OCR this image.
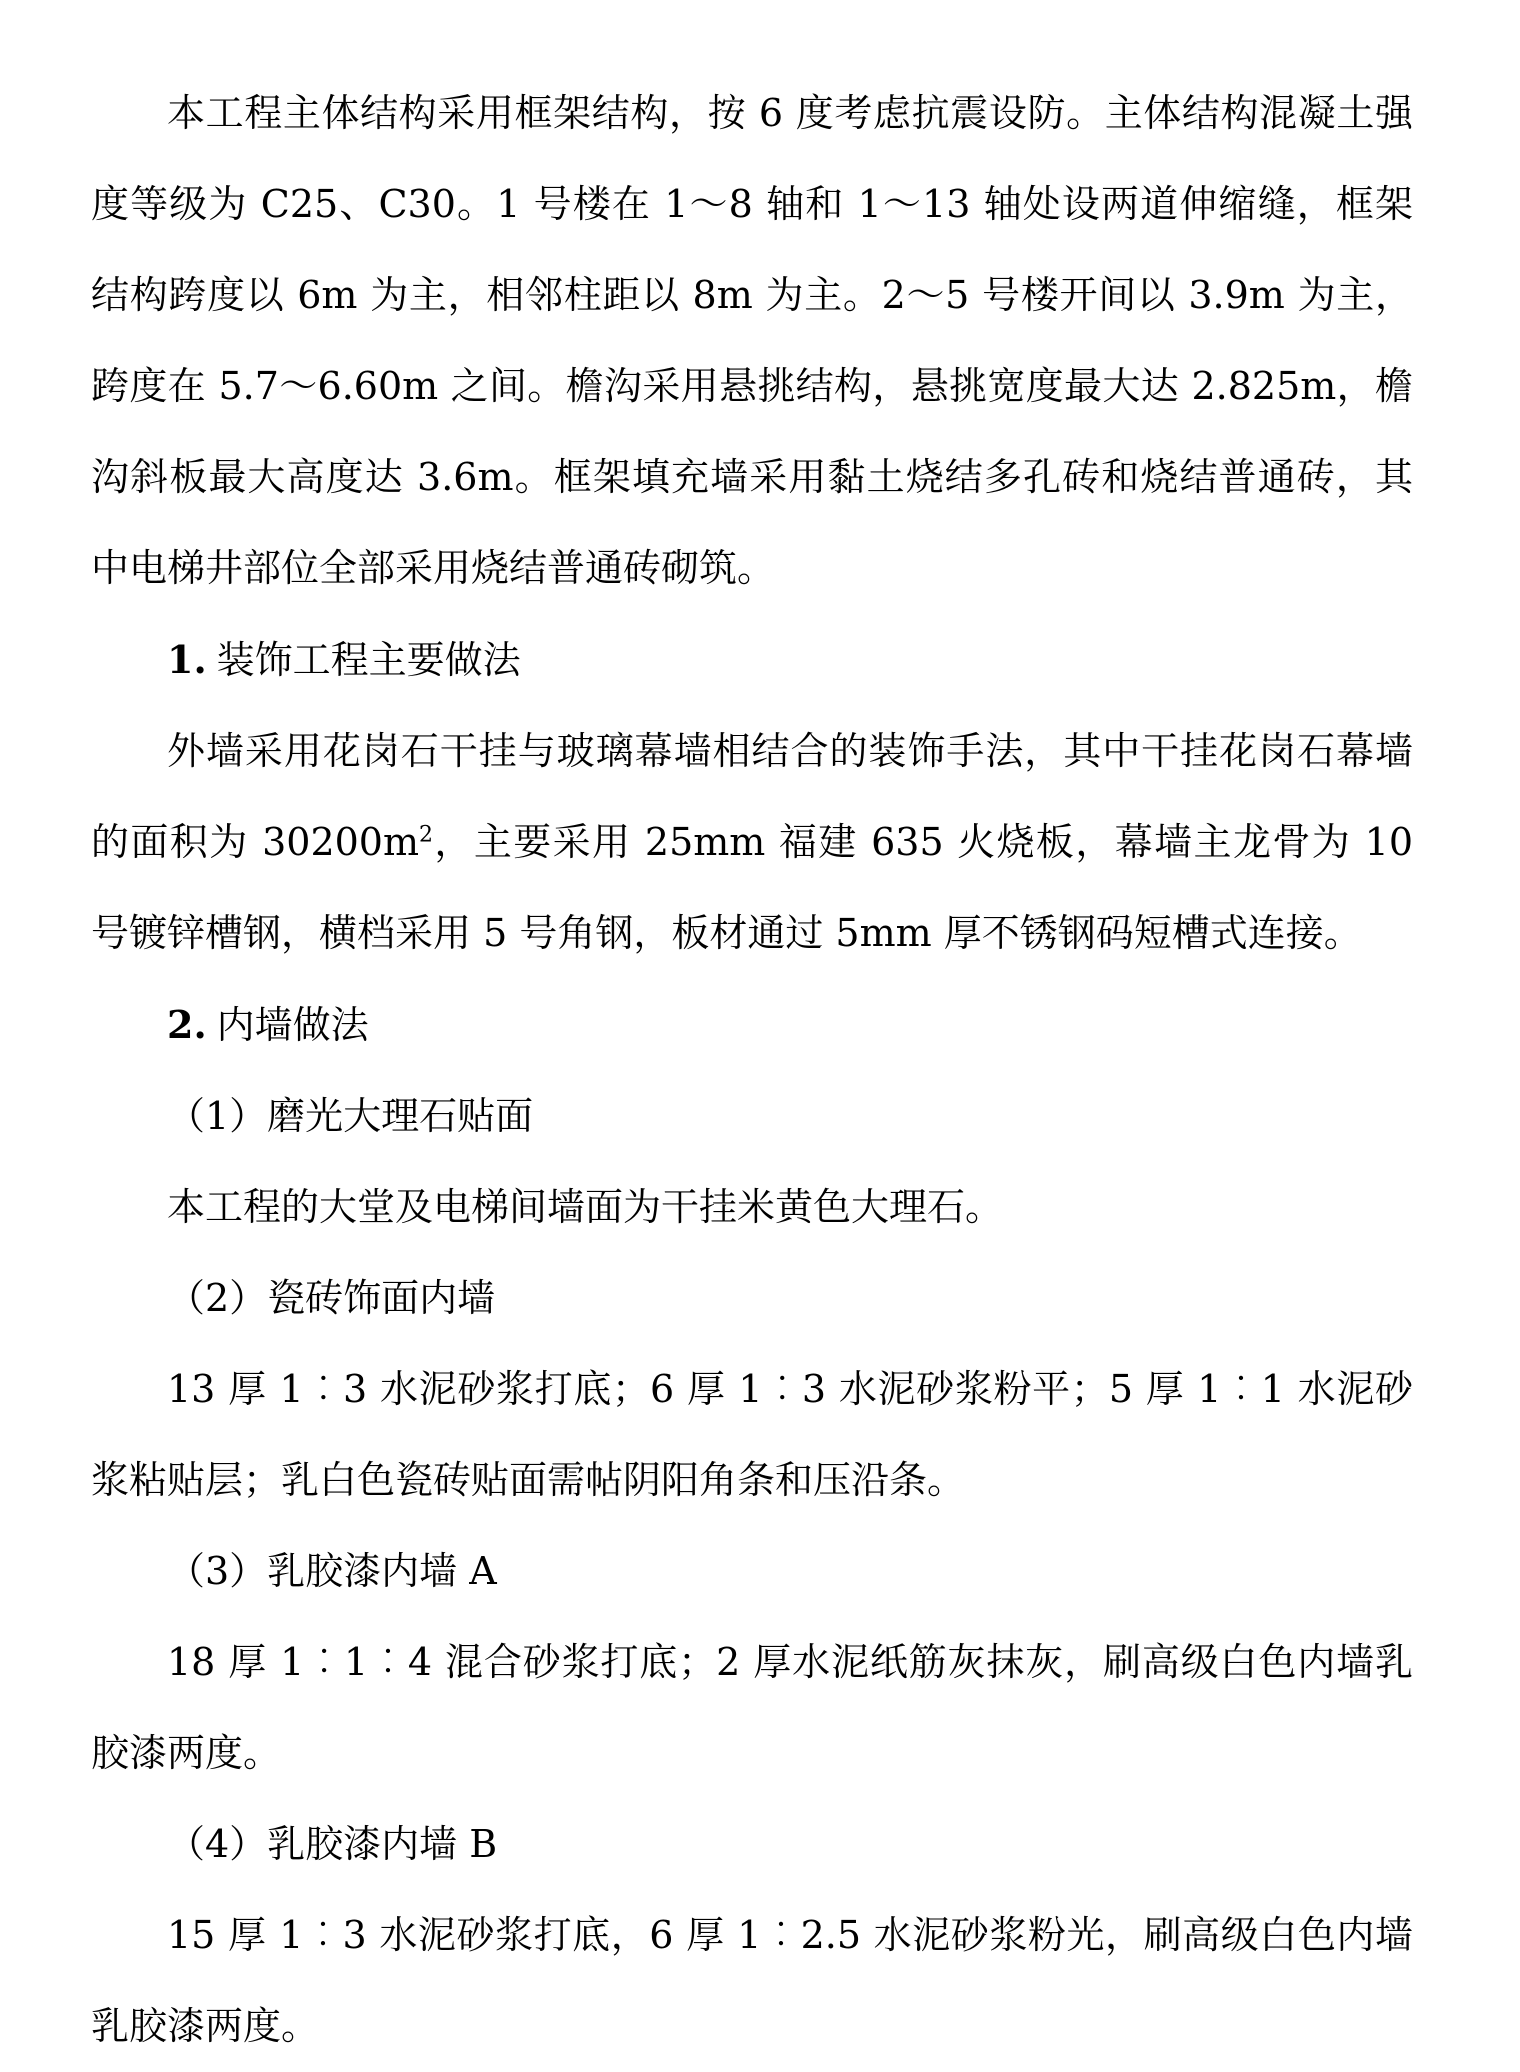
本工程主体结构采用框架结构，按 6 度考虑抗震设防。主体结构混凝土强度等级为 C25、C30。1 号楼在 1～8 轴和 1～13 轴处设两道伸缩缝，框架结构跨度以 6m 为主，相邻柱距以 8m 为主。2～5 号楼开间以 3.9m 为主，跨度在 5.7～6.60m 之间。檐沟采用悬挑结构，悬挑宽度最大达 2.825m，檐沟斜板最大高度达 3.6m。框架填充墙采用黏土烧结多孔砖和烧结普通砖，其中电梯井部位全部采用烧结普通砖砌筑。

1. 装饰工程主要做法

外墙采用花岗石干挂与玻璃幕墙相结合的装饰手法，其中干挂花岗石幕墙的面积为 $30200m^2$，主要采用 25mm 福建 635 火烧板，幕墙主龙骨为 10 号镀锌槽钢，横档采用 5 号角钢，板材通过 5mm 厚不锈钢码短槽式连接。

2. 内墙做法

（1）磨光大理石贴面

本工程的大堂及电梯间墙面为干挂米黄色大理石。

（2）瓷砖饰面内墙

13 厚 1︰3 水泥砂浆打底；6 厚 1︰3 水泥砂浆粉平；5 厚 1︰1 水泥砂浆粘贴层；乳白色瓷砖贴面需帖阴阳角条和压沿条。

（3）乳胶漆内墙 A

18 厚 1︰1︰4 混合砂浆打底；2 厚水泥纸筋灰抹灰，刷高级白色内墙乳胶漆两度。

（4）乳胶漆内墙 B

15 厚 1︰3 水泥砂浆打底，6 厚 1︰2.5 水泥砂浆粉光，刷高级白色内墙乳胶漆两度。
